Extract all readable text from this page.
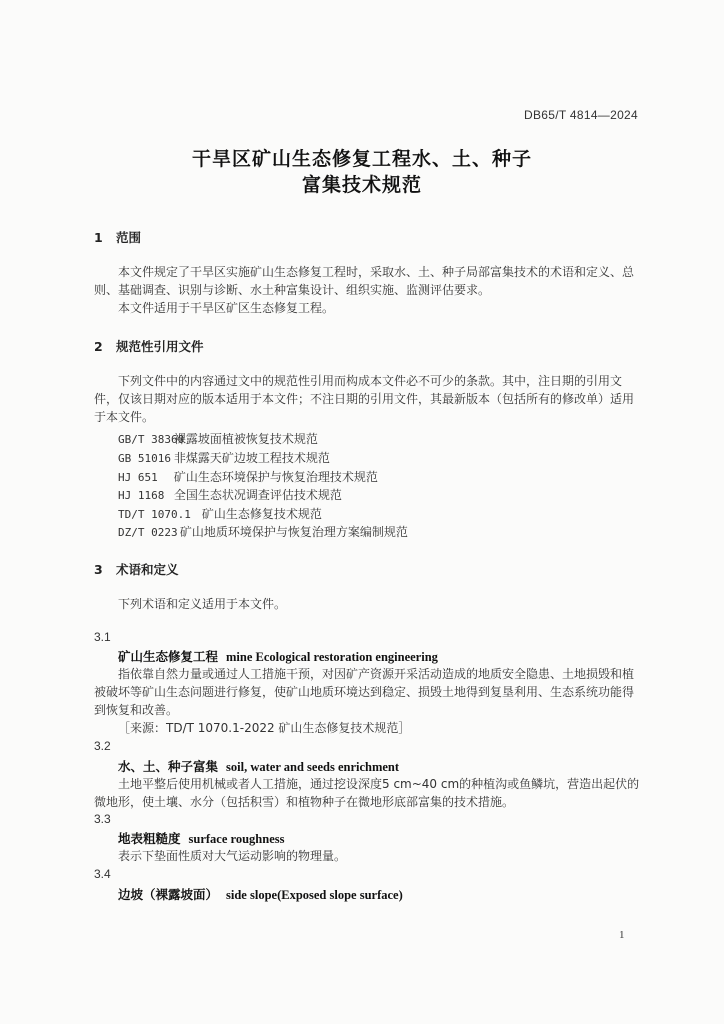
DB65/T 4814—2024
干旱区矿山生态修复工程水、土、种子
富集技术规范
1 范围
本文件规定了干旱区实施矿山生态修复工程时，采取水、土、种子局部富集技术的术语和定义、总则、基础调查、识别与诊断、水土种富集设计、组织实施、监测评估要求。
本文件适用于干旱区矿区生态修复工程。
2 规范性引用文件
下列文件中的内容通过文中的规范性引用而构成本文件必不可少的条款。其中，注日期的引用文件，仅该日期对应的版本适用于本文件；不注日期的引用文件，其最新版本（包括所有的修改单）适用于本文件。
GB/T 38360 裸露坡面植被恢复技术规范
GB 51016 非煤露天矿边坡工程技术规范
HJ 651 矿山生态环境保护与恢复治理技术规范
HJ 1168 全国生态状况调查评估技术规范
TD/T 1070.1 矿山生态修复技术规范
DZ/T 0223 矿山地质环境保护与恢复治理方案编制规范
3 术语和定义
下列术语和定义适用于本文件。
3.1
矿山生态修复工程 mine Ecological restoration engineering
指依靠自然力量或通过人工措施干预，对因矿产资源开采活动造成的地质安全隐患、土地损毁和植被破坏等矿山生态问题进行修复，使矿山地质环境达到稳定、损毁土地得到复垦利用、生态系统功能得到恢复和改善。
［来源：TD/T 1070.1-2022 矿山生态修复技术规范］
3.2
水、土、种子富集 soil, water and seeds enrichment
土地平整后使用机械或者人工措施，通过挖设深度5 cm~40 cm的种植沟或鱼鳞坑，营造出起伏的微地形，使土壤、水分（包括积雪）和植物种子在微地形底部富集的技术措施。
3.3
地表粗糙度 surface roughness
表示下垫面性质对大气运动影响的物理量。
3.4
边坡（裸露坡面） side slope(Exposed slope surface)
1
